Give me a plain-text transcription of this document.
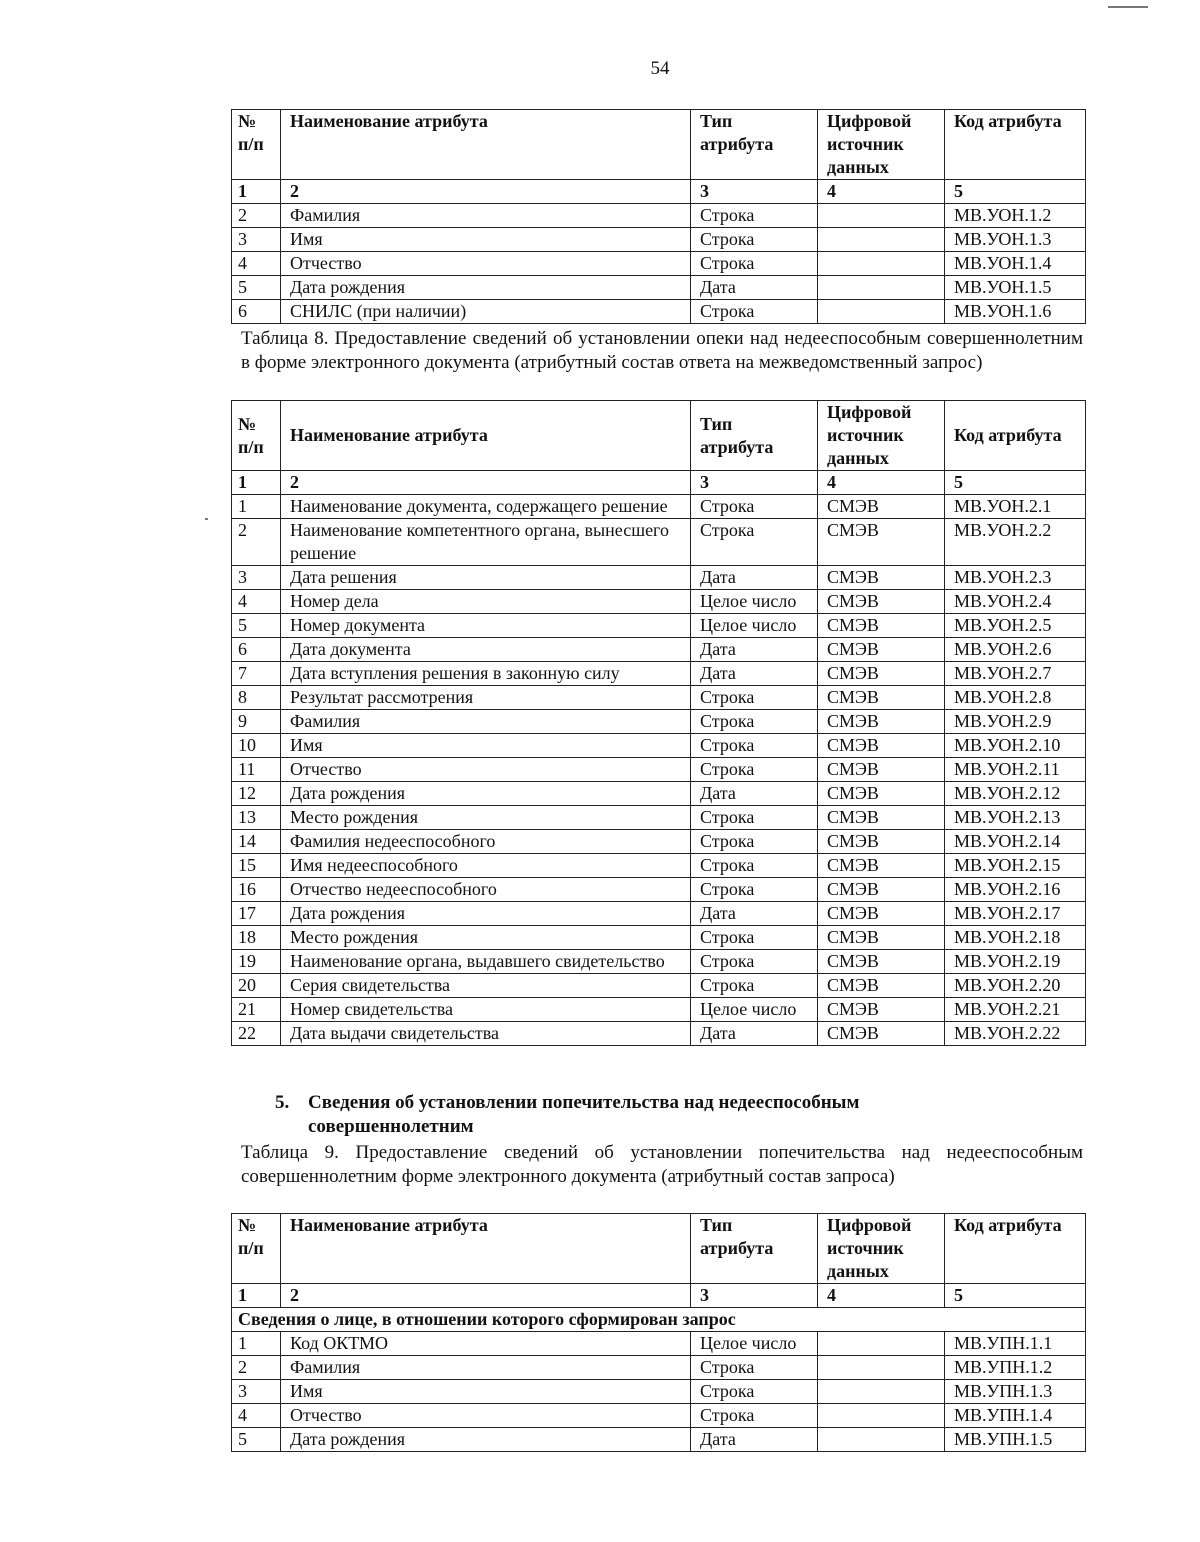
54
№ п/п	Наименование атрибута	Тип атрибута	Цифровой источник данных	Код атрибута
1	2	3	4	5
2	Фамилия	Строка		МВ.УОН.1.2
3	Имя	Строка		МВ.УОН.1.3
4	Отчество	Строка		МВ.УОН.1.4
5	Дата рождения	Дата		МВ.УОН.1.5
6	СНИЛС (при наличии)	Строка		МВ.УОН.1.6
Таблица 8. Предоставление сведений об установлении опеки над недееспособным совершеннолетним в форме электронного документа (атрибутный состав ответа на межведомственный запрос)
№ п/п	Наименование атрибута	Тип атрибута	Цифровой источник данных	Код атрибута
1	2	3	4	5
1	Наименование документа, содержащего решение	Строка	СМЭВ	МВ.УОН.2.1
2	Наименование компетентного органа, вынесшего решение	Строка	СМЭВ	МВ.УОН.2.2
3	Дата решения	Дата	СМЭВ	МВ.УОН.2.3
4	Номер дела	Целое число	СМЭВ	МВ.УОН.2.4
5	Номер документа	Целое число	СМЭВ	МВ.УОН.2.5
6	Дата документа	Дата	СМЭВ	МВ.УОН.2.6
7	Дата вступления решения в законную силу	Дата	СМЭВ	МВ.УОН.2.7
8	Результат рассмотрения	Строка	СМЭВ	МВ.УОН.2.8
9	Фамилия	Строка	СМЭВ	МВ.УОН.2.9
10	Имя	Строка	СМЭВ	МВ.УОН.2.10
11	Отчество	Строка	СМЭВ	МВ.УОН.2.11
12	Дата рождения	Дата	СМЭВ	МВ.УОН.2.12
13	Место рождения	Строка	СМЭВ	МВ.УОН.2.13
14	Фамилия недееспособного	Строка	СМЭВ	МВ.УОН.2.14
15	Имя недееспособного	Строка	СМЭВ	МВ.УОН.2.15
16	Отчество недееспособного	Строка	СМЭВ	МВ.УОН.2.16
17	Дата рождения	Дата	СМЭВ	МВ.УОН.2.17
18	Место рождения	Строка	СМЭВ	МВ.УОН.2.18
19	Наименование органа, выдавшего свидетельство	Строка	СМЭВ	МВ.УОН.2.19
20	Серия свидетельства	Строка	СМЭВ	МВ.УОН.2.20
21	Номер свидетельства	Целое число	СМЭВ	МВ.УОН.2.21
22	Дата выдачи свидетельства	Дата	СМЭВ	МВ.УОН.2.22
5. Сведения об установлении попечительства над недееспособным
совершеннолетним
Таблица 9. Предоставление сведений об установлении попечительства над недееспособным совершеннолетним форме электронного документа (атрибутный состав запроса)
№ п/п	Наименование атрибута	Тип атрибута	Цифровой источник данных	Код атрибута
1	2	3	4	5
Сведения о лице, в отношении которого сформирован запрос				
1	Код ОКТМО	Целое число		МВ.УПН.1.1
2	Фамилия	Строка		МВ.УПН.1.2
3	Имя	Строка		МВ.УПН.1.3
4	Отчество	Строка		МВ.УПН.1.4
5	Дата рождения	Дата		МВ.УПН.1.5
